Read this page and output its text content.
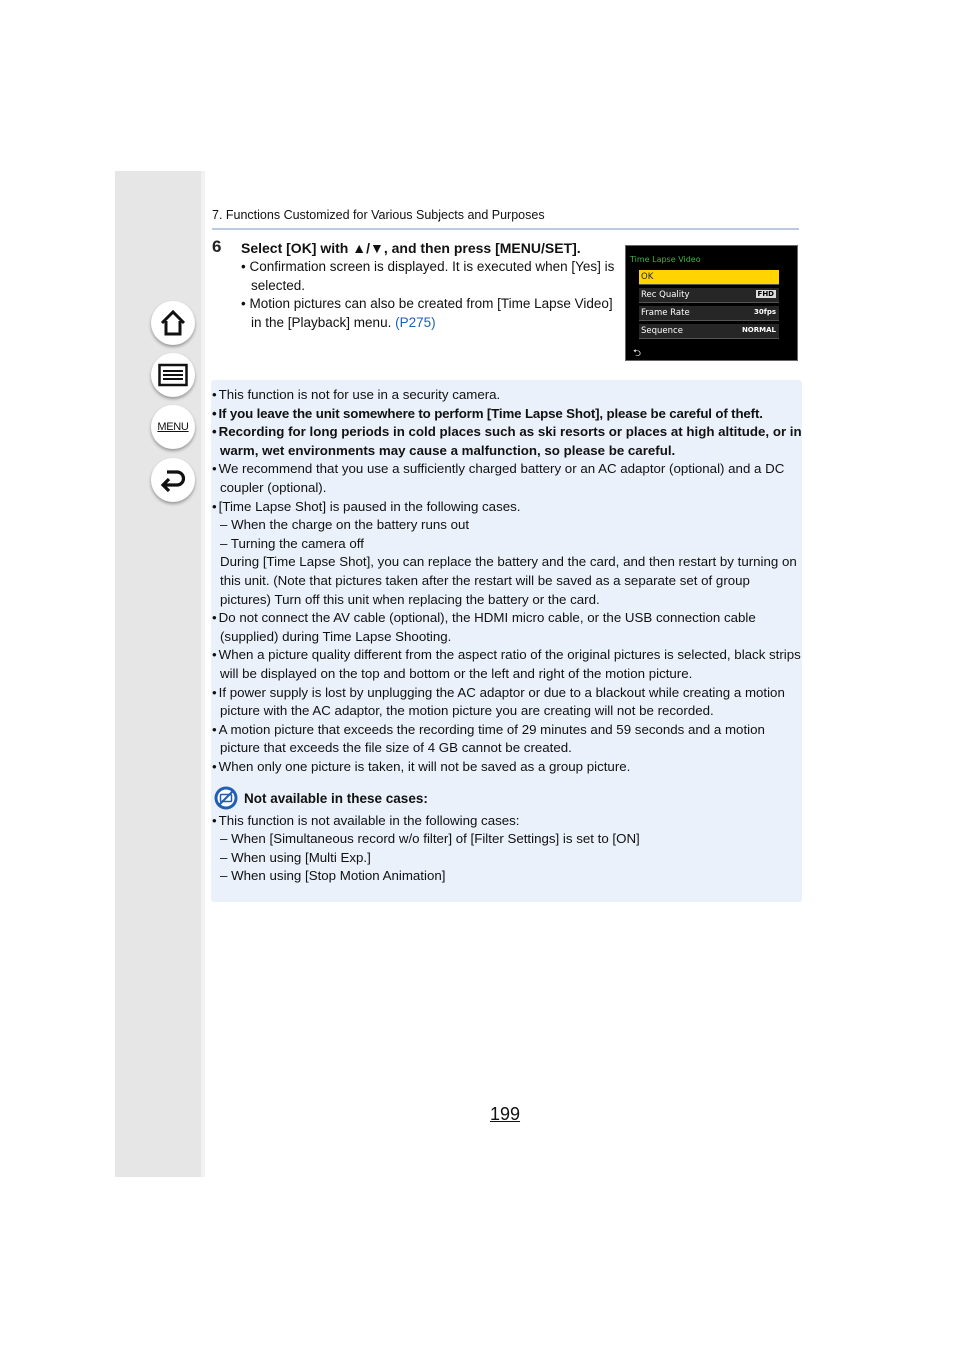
MENU
7. Functions Customized for Various Subjects and Purposes
6 Select [OK] with ▲/▼, and then press [MENU/SET].
• Confirmation screen is displayed. It is executed when [Yes] is selected.
• Motion pictures can also be created from [Time Lapse Video] in the [Playback] menu. (P275)
Time Lapse Video
OK
Rec Quality	FHD
Frame Rate	30fps
Sequence	NORMAL
⮌
• This function is not for use in a security camera.
• If you leave the unit somewhere to perform [Time Lapse Shot], please be careful of theft.
• Recording for long periods in cold places such as ski resorts or places at high altitude, or in warm, wet environments may cause a malfunction, so please be careful.
• We recommend that you use a sufficiently charged battery or an AC adaptor (optional) and a DC coupler (optional).
• [Time Lapse Shot] is paused in the following cases.
– When the charge on the battery runs out
– Turning the camera off
During [Time Lapse Shot], you can replace the battery and the card, and then restart by turning on this unit. (Note that pictures taken after the restart will be saved as a separate set of group pictures) Turn off this unit when replacing the battery or the card.
• Do not connect the AV cable (optional), the HDMI micro cable, or the USB connection cable (supplied) during Time Lapse Shooting.
• When a picture quality different from the aspect ratio of the original pictures is selected, black strips will be displayed on the top and bottom or the left and right of the motion picture.
• If power supply is lost by unplugging the AC adaptor or due to a blackout while creating a motion picture with the AC adaptor, the motion picture you are creating will not be recorded.
• A motion picture that exceeds the recording time of 29 minutes and 59 seconds and a motion picture that exceeds the file size of 4 GB cannot be created.
• When only one picture is taken, it will not be saved as a group picture.
Not available in these cases:
• This function is not available in the following cases:
– When [Simultaneous record w/o filter] of [Filter Settings] is set to [ON]
– When using [Multi Exp.]
– When using [Stop Motion Animation]
199
